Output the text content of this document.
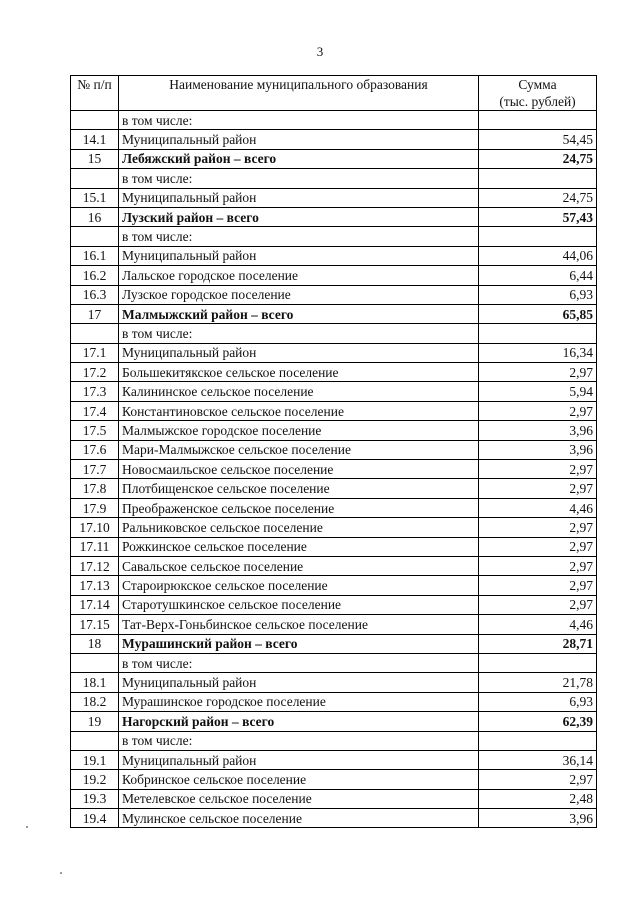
3
№ п/п	Наименование муниципального образования	Сумма
(тыс. рублей)

	в том числе:	
14.1	Муниципальный район	54,45
15	Лебяжский район – всего	24,75
	в том числе:	
15.1	Муниципальный район	24,75
16	Лузский район – всего	57,43
	в том числе:	
16.1	Муниципальный район	44,06
16.2	Лальское городское поселение	6,44
16.3	Лузское городское поселение	6,93
17	Малмыжский район – всего	65,85
	в том числе:	
17.1	Муниципальный район	16,34
17.2	Большекитякское сельское поселение	2,97
17.3	Калининское сельское поселение	5,94
17.4	Константиновское сельское поселение	2,97
17.5	Малмыжское городское поселение	3,96
17.6	Мари-Малмыжское сельское поселение	3,96
17.7	Новосмаильское сельское поселение	2,97
17.8	Плотбищенское сельское поселение	2,97
17.9	Преображенское сельское поселение	4,46
17.10	Ральниковское сельское поселение	2,97
17.11	Рожкинское сельское поселение	2,97
17.12	Савальское сельское поселение	2,97
17.13	Староирюкское сельское поселение	2,97
17.14	Старотушкинское сельское поселение	2,97
17.15	Тат-Верх-Гоньбинское сельское поселение	4,46
18	Мурашинский район – всего	28,71
	в том числе:	
18.1	Муниципальный район	21,78
18.2	Мурашинское городское поселение	6,93
19	Нагорский район – всего	62,39
	в том числе:	
19.1	Муниципальный район	36,14
19.2	Кобринское сельское поселение	2,97
19.3	Метелевское сельское поселение	2,48
19.4	Мулинское сельское поселение	3,96
